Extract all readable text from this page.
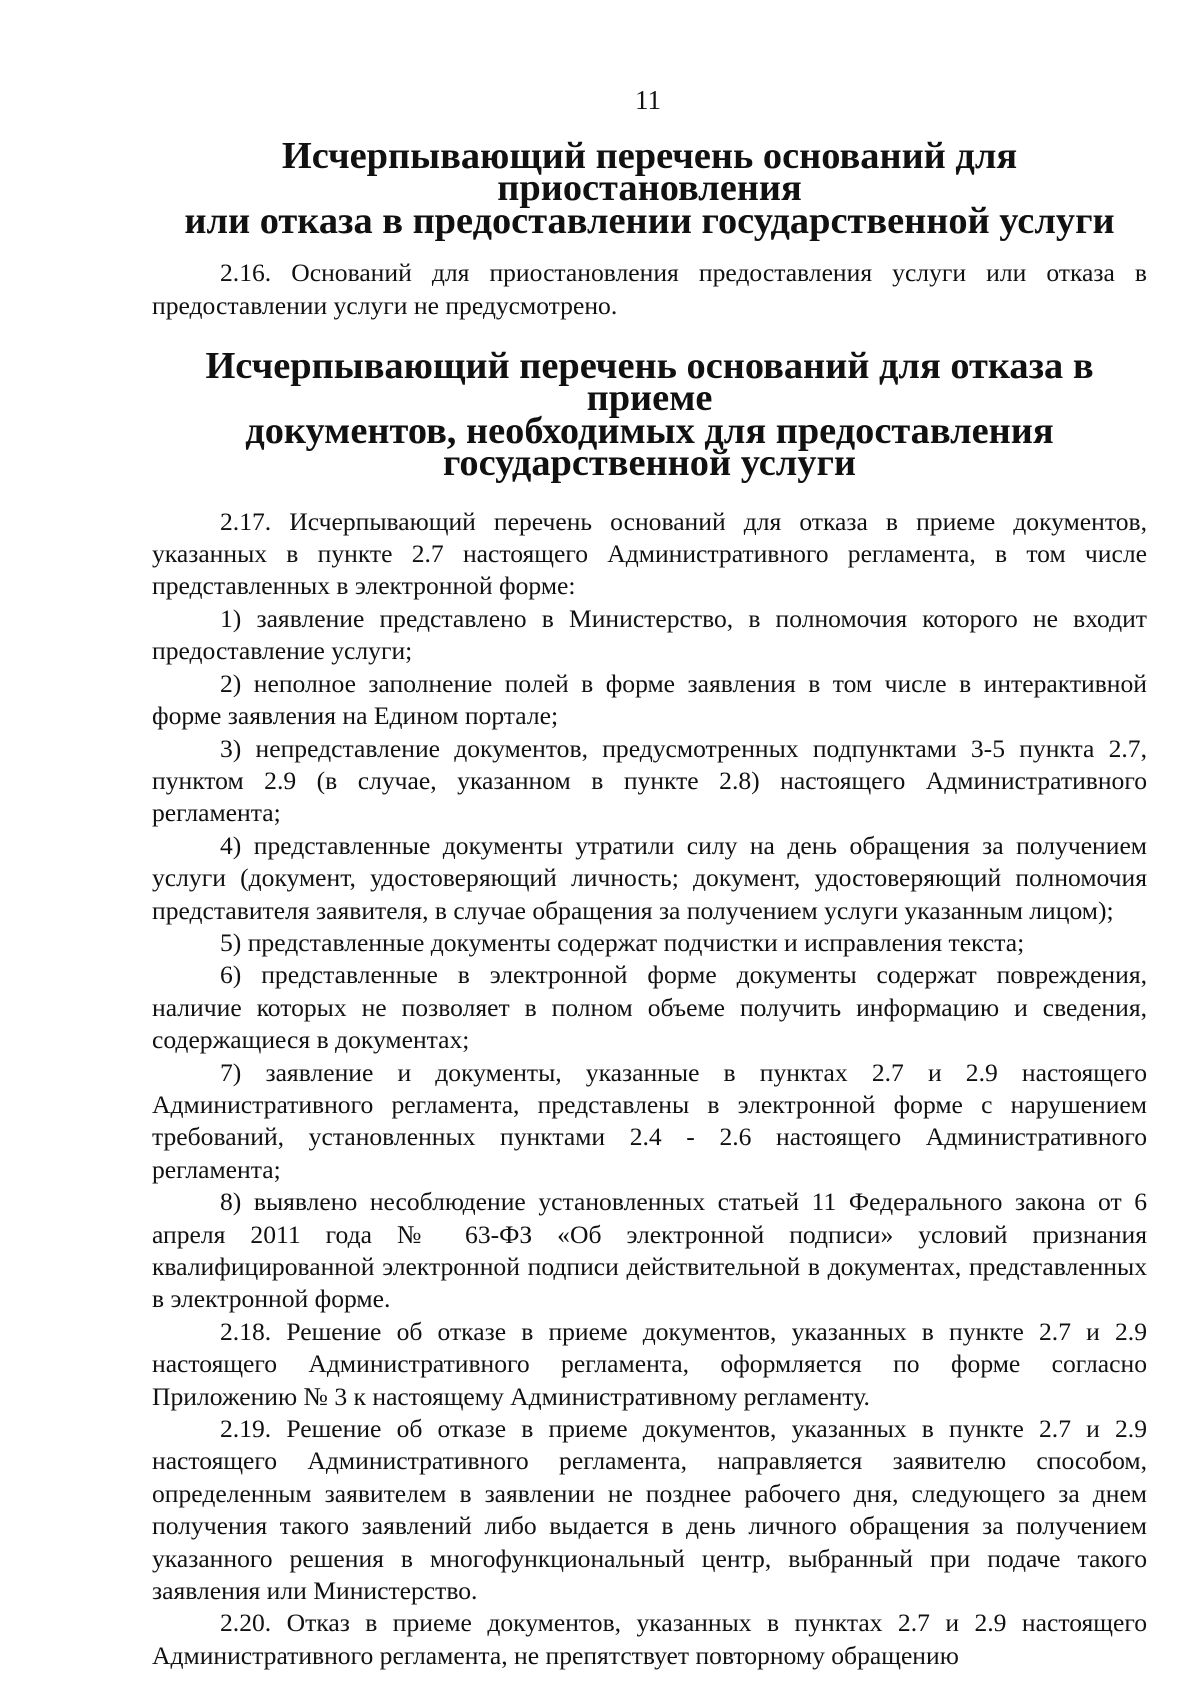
11
Исчерпывающий перечень оснований для приостановления
или отказа в предоставлении государственной услуги

2.16. Оснований для приостановления предоставления услуги или отказа в предоставлении услуги не предусмотрено.

Исчерпывающий перечень оснований для отказа в приеме
документов, необходимых для предоставления государственной услуги

2.17. Исчерпывающий перечень оснований для отказа в приеме документов, указанных в пункте 2.7 настоящего Административного регламента, в том числе представленных в электронной форме:

1) заявление представлено в Министерство, в полномочия которого не входит предоставление услуги;

2) неполное заполнение полей в форме заявления в том числе в интерактивной форме заявления на Едином портале;

3) непредставление документов, предусмотренных подпунктами 3-5 пункта 2.7, пунктом 2.9 (в случае, указанном в пункте 2.8) настоящего Административного регламента;

4) представленные документы утратили силу на день обращения за получением услуги (документ, удостоверяющий личность; документ, удостоверяющий полномочия представителя заявителя, в случае обращения за получением услуги указанным лицом);

5) представленные документы содержат подчистки и исправления текста;

6) представленные в электронной форме документы содержат повреждения, наличие которых не позволяет в полном объеме получить информацию и сведения, содержащиеся в документах;

7) заявление и документы, указанные в пунктах 2.7 и 2.9 настоящего Административного регламента, представлены в электронной форме с нарушением требований, установленных пунктами 2.4 - 2.6 настоящего Административного регламента;

8) выявлено несоблюдение установленных статьей 11 Федерального закона от 6 апреля 2011 года № 63-ФЗ «Об электронной подписи» условий признания квалифицированной электронной подписи действительной в документах, представленных в электронной форме.

2.18. Решение об отказе в приеме документов, указанных в пункте 2.7 и 2.9 настоящего Административного регламента, оформляется по форме согласно Приложению № 3 к настоящему Административному регламенту.

2.19. Решение об отказе в приеме документов, указанных в пункте 2.7 и 2.9 настоящего Административного регламента, направляется заявителю способом, определенным заявителем в заявлении не позднее рабочего дня, следующего за днем получения такого заявлений либо выдается в день личного обращения за получением указанного решения в многофункциональный центр, выбранный при подаче такого заявления или Министерство.

2.20. Отказ в приеме документов, указанных в пунктах 2.7 и 2.9 настоящего Административного регламента, не препятствует повторному обращению
